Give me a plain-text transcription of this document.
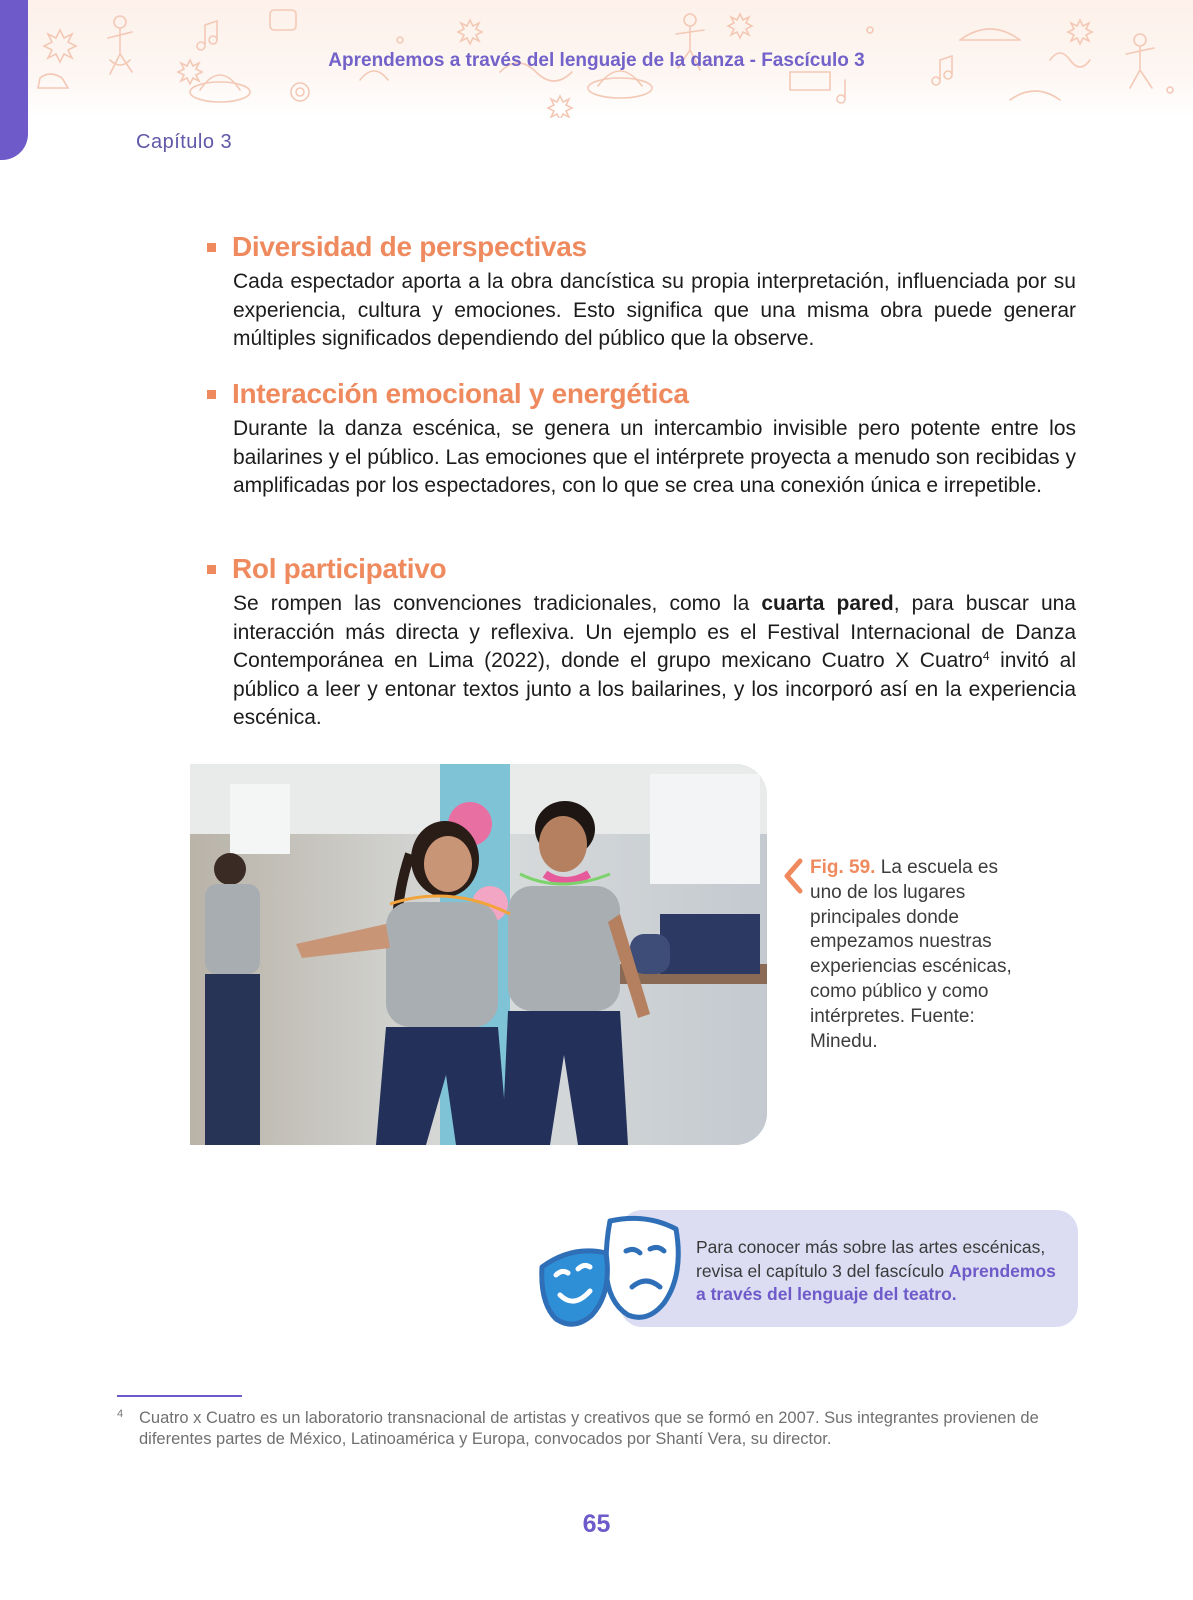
Aprendemos a través del lenguaje de la danza - Fascículo 3
Capítulo 3
Diversidad de perspectivas

Cada espectador aporta a la obra dancística su propia interpretación, influenciada por su experiencia, cultura y emociones. Esto significa que una misma obra puede generar múltiples significados dependiendo del público que la observe.

Interacción emocional y energética

Durante la danza escénica, se genera un intercambio invisible pero potente entre los bailarines y el público. Las emociones que el intérprete proyecta a menudo son recibidas y amplificadas por los espectadores, con lo que se crea una conexión única e irrepetible.

Rol participativo

Se rompen las convenciones tradicionales, como la cuarta pared, para buscar una interacción más directa y reflexiva. Un ejemplo es el Festival Internacional de Danza Contemporánea en Lima (2022), donde el grupo mexicano Cuatro X Cuatro$^4$ invitó al público a leer y entonar textos junto a los bailarines, y los incorporó así en la experiencia escénica.

Fig. 59. La escuela es uno de los lugares principales donde empezamos nuestras experiencias escénicas, como público y como intérpretes. Fuente: Minedu.

Para conocer más sobre las artes escénicas, revisa el capítulo 3 del fascículo Aprendemos a través del lenguaje del teatro.

4 Cuatro x Cuatro es un laboratorio transnacional de artistas y creativos que se formó en 2007. Sus integrantes provienen de diferentes partes de México, Latinoamérica y Europa, convocados por Shantí Vera, su director.

65
